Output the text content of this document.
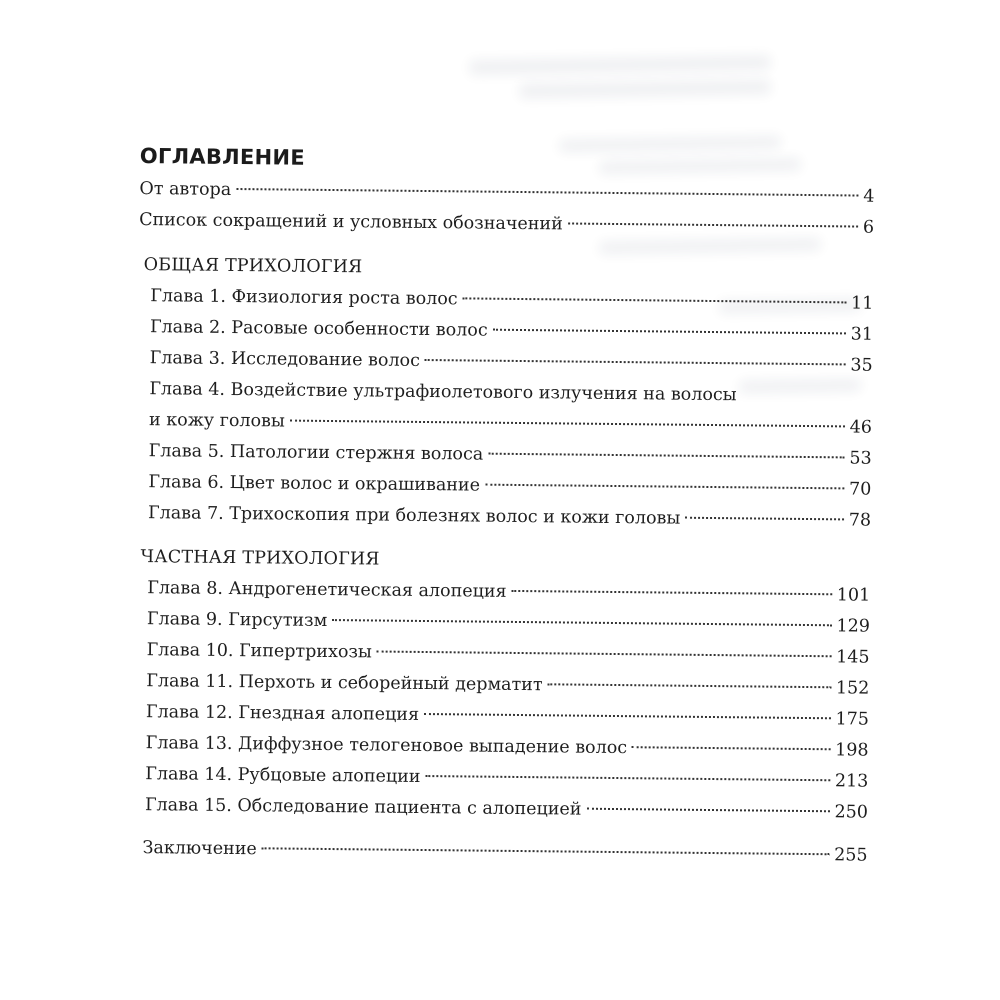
ОГЛАВЛЕНИЕ
От автора	4
Список сокращений и условных обозначений	6
ОБЩАЯ ТРИХОЛОГИЯ
Глава 1. Физиология роста волос	11
Глава 2. Расовые особенности волос	31
Глава 3. Исследование волос	35
Глава 4. Воздействие ультрафиолетового излучения на волосы
и кожу головы	46
Глава 5. Патологии стержня волоса	53
Глава 6. Цвет волос и окрашивание	70
Глава 7. Трихоскопия при болезнях волос и кожи головы	78
ЧАСТНАЯ ТРИХОЛОГИЯ
Глава 8. Андрогенетическая алопеция	101
Глава 9. Гирсутизм	129
Глава 10. Гипертрихозы	145
Глава 11. Перхоть и себорейный дерматит	152
Глава 12. Гнездная алопеция	175
Глава 13. Диффузное телогеновое выпадение волос	198
Глава 14. Рубцовые алопеции	213
Глава 15. Обследование пациента с алопецией	250
Заключение	255
